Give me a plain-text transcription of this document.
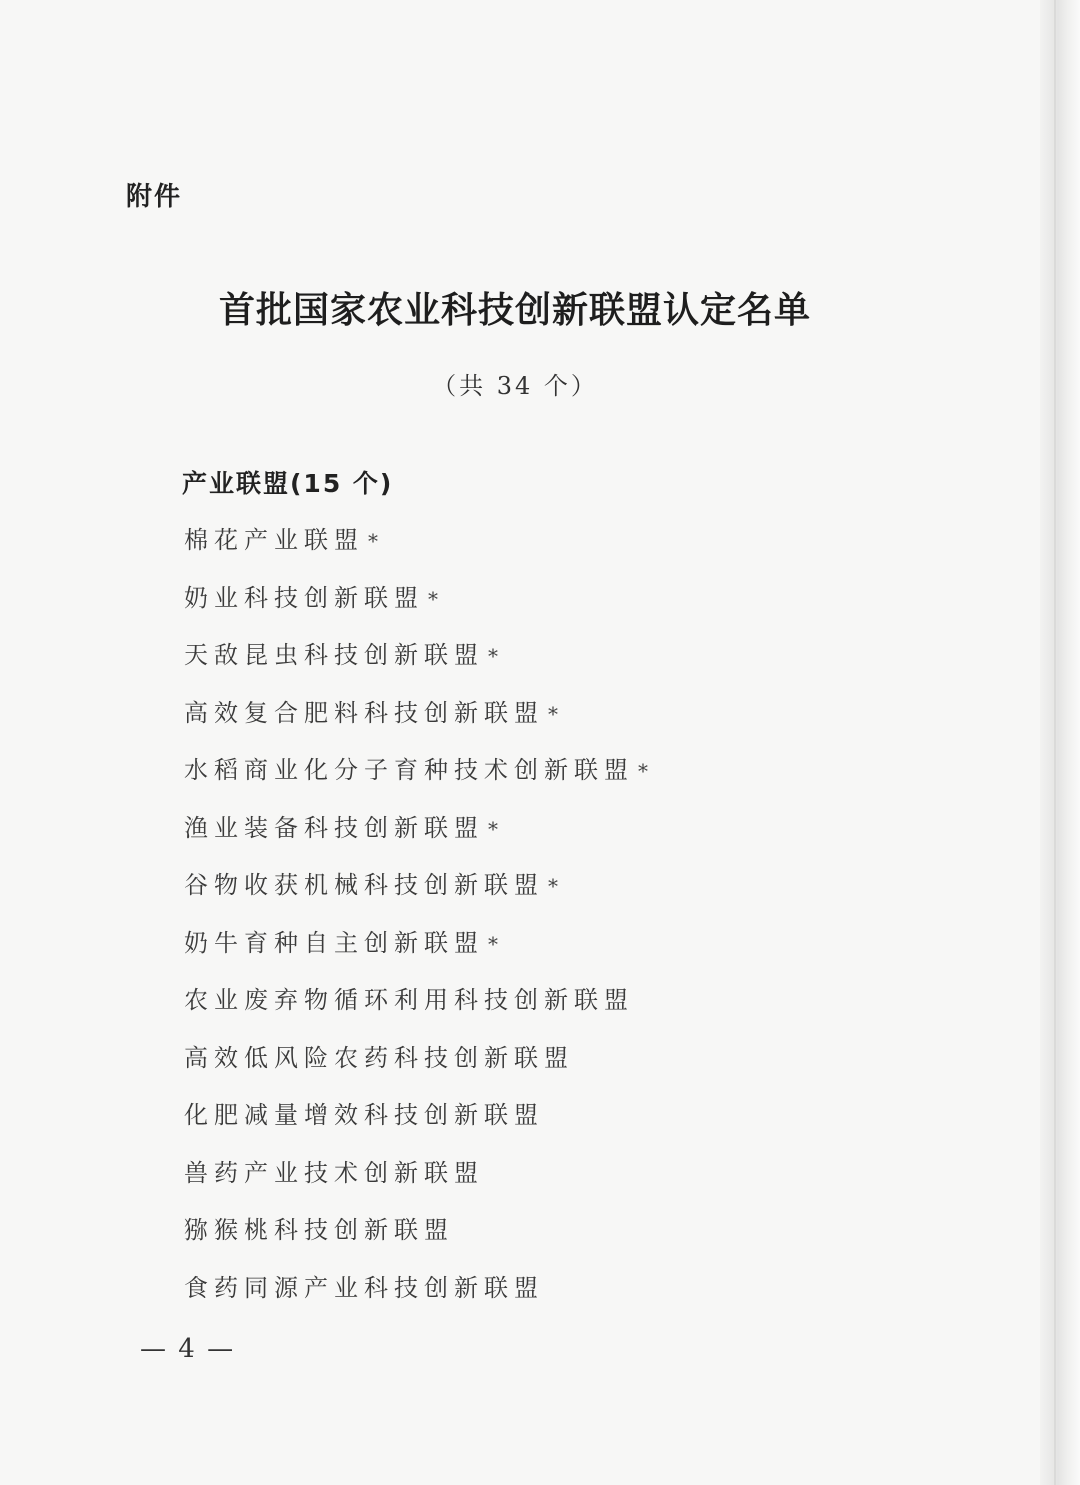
附件
首批国家农业科技创新联盟认定名单
（共 34 个）
产业联盟(15 个)
棉花产业联盟 *
奶业科技创新联盟 *
天敌昆虫科技创新联盟 *
高效复合肥料科技创新联盟 *
水稻商业化分子育种技术创新联盟 *
渔业装备科技创新联盟 *
谷物收获机械科技创新联盟 *
奶牛育种自主创新联盟 *
农业废弃物循环利用科技创新联盟
高效低风险农药科技创新联盟
化肥减量增效科技创新联盟
兽药产业技术创新联盟
猕猴桃科技创新联盟
食药同源产业科技创新联盟
— 4 —
